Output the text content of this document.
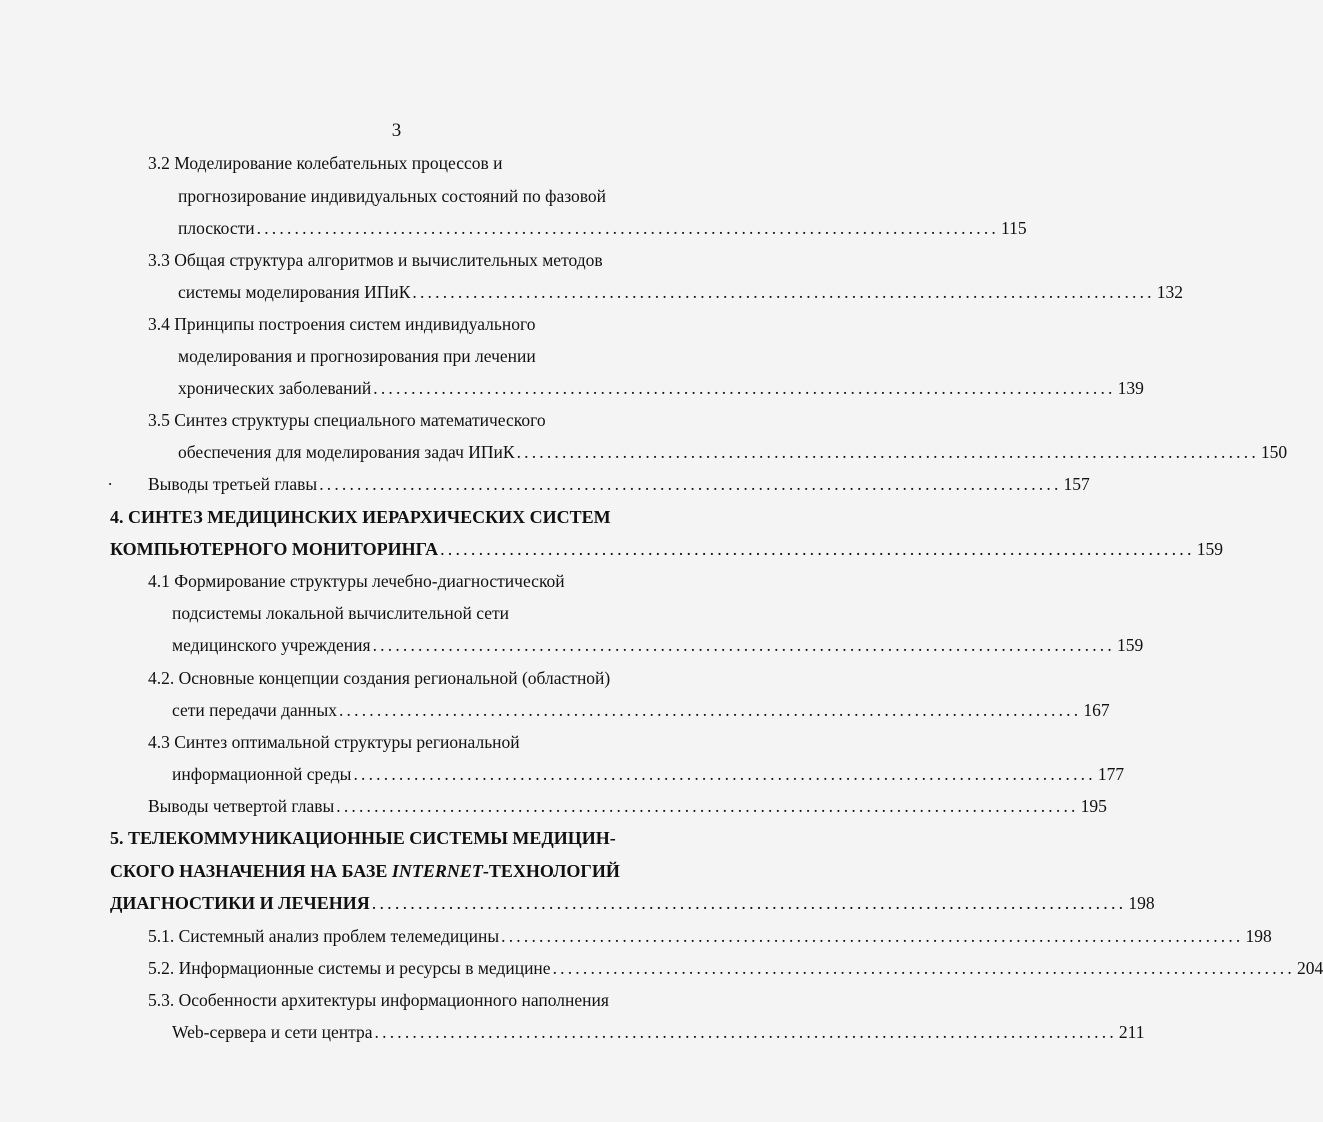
3
3.2 Моделирование колебательных процессов и
прогнозирование индивидуальных состояний по фазовой
плоскости .................................................................................................. 115
3.3 Общая структура алгоритмов и вычислительных методов
системы моделирования ИПиК .................................................................................................. 132
3.4 Принципы построения систем индивидуального
моделирования и прогнозирования при лечении
хронических заболеваний .................................................................................................. 139
3.5 Синтез структуры специального математического
обеспечения для моделирования задач ИПиК .................................................................................................. 150
. Выводы третьей главы .................................................................................................. 157
4. СИНТЕЗ МЕДИЦИНСКИХ ИЕРАРХИЧЕСКИХ СИСТЕМ
КОМПЬЮТЕРНОГО МОНИТОРИНГА .................................................................................................. 159
4.1 Формирование структуры лечебно-диагностической
подсистемы локальной вычислительной сети
медицинского учреждения .................................................................................................. 159
4.2. Основные концепции создания региональной (областной)
сети передачи данных .................................................................................................. 167
4.3 Синтез оптимальной структуры региональной
информационной среды .................................................................................................. 177
Выводы четвертой главы .................................................................................................. 195
5. ТЕЛЕКОММУНИКАЦИОННЫЕ СИСТЕМЫ МЕДИЦИН-
СКОГО НАЗНАЧЕНИЯ НА БАЗЕ INTERNET-ТЕХНОЛОГИЙ
ДИАГНОСТИКИ И ЛЕЧЕНИЯ .................................................................................................. 198
5.1. Системный анализ проблем телемедицины .................................................................................................. 198
5.2. Информационные системы и ресурсы в медицине .................................................................................................. 204
5.3. Особенности архитектуры информационного наполнения
Web-сервера и сети центра .................................................................................................. 211
